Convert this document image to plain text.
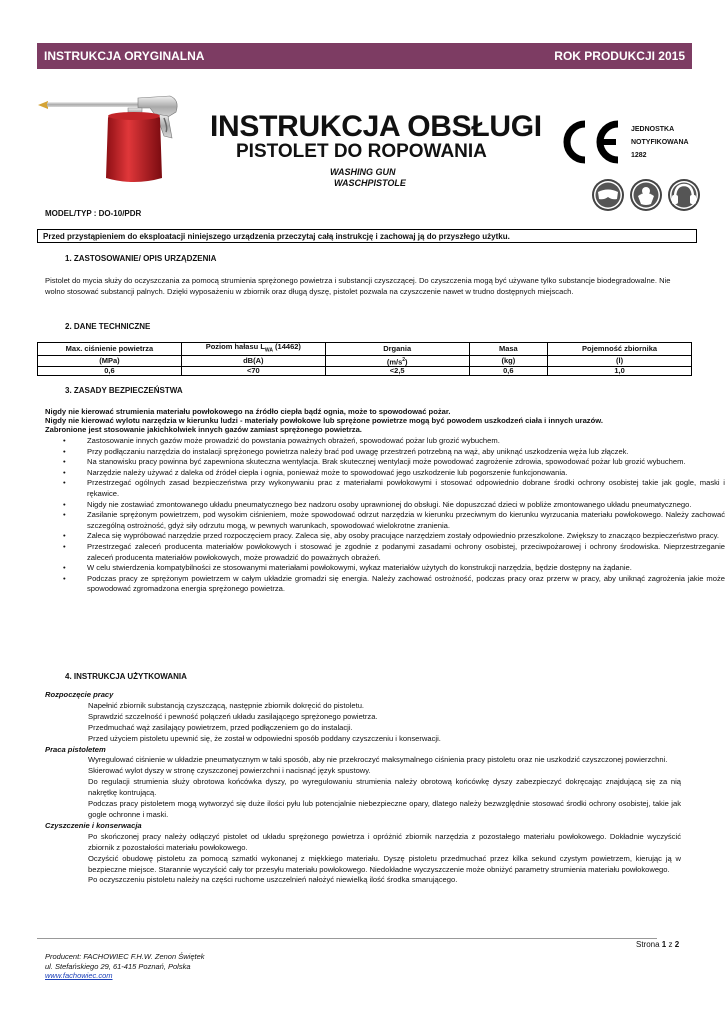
INSTRUKCJA ORYGINALNA	ROK PRODUKCJI 2015
INSTRUKCJA OBSŁUGI
PISTOLET DO ROPOWANIA
WASHING GUN
WASCHPISTOLE
JEDNOSTKA
NOTYFIKOWANA
1282
MODEL/TYP : DO-10/PDR
Przed przystąpieniem do eksploatacji niniejszego urządzenia przeczytaj całą instrukcję i zachowaj ją do przyszłego użytku.
1. ZASTOSOWANIE/ OPIS URZĄDZENIA
Pistolet do mycia służy do oczyszczania za pomocą strumienia sprężonego powietrza i substancji czyszczącej. Do czyszczenia mogą być używane tylko substancje biodegradowalne. Nie wolno stosować substancji palnych. Dzięki wyposażeniu w zbiornik oraz długą dyszę, pistolet pozwala na czyszczenie nawet w trudno dostępnych miejscach.
2. DANE TECHNICZNE
Max. ciśnienie powietrza	Poziom hałasu $L_{WA}$ (14462)	Drgania	Masa	Pojemność zbiornika
(MPa)	dB(A)	$(m/s^2)$	(kg)	(l)
0,6	<70	<2,5	0,6	1,0
3. ZASADY BEZPIECZEŃSTWA
Nigdy nie kierować strumienia materiału powłokowego na źródło ciepła bądź ognia, może to spowodować pożar.
Nigdy nie kierować wylotu narzędzia w kierunku ludzi - materiały powłokowe lub sprężone powietrze mogą być powodem uszkodzeń ciała i innych urazów.
Zabronione jest stosowanie jakichkolwiek innych gazów zamiast sprężonego powietrza.
•	Zastosowanie innych gazów może prowadzić do powstania poważnych obrażeń, spowodować pożar lub grozić wybuchem.
•	Przy podłączaniu narzędzia do instalacji sprężonego powietrza należy brać pod uwagę przestrzeń potrzebną na wąż, aby uniknąć uszkodzenia węża lub złączek.
•	Na stanowisku pracy powinna być zapewniona skuteczna wentylacja. Brak skutecznej wentylacji może powodować zagrożenie zdrowia, spowodować pożar lub grozić wybuchem.
•	Narzędzie należy używać z daleka od źródeł ciepła i ognia, ponieważ może to spowodować jego uszkodzenie lub pogorszenie funkcjonowania.
•	Przestrzegać ogólnych zasad bezpieczeństwa przy wykonywaniu prac z materiałami powłokowymi i stosować odpowiednio dobrane środki ochrony osobistej takie jak gogle, maski i rękawice.
•	Nigdy nie zostawiać zmontowanego układu pneumatycznego bez nadzoru osoby uprawnionej do obsługi. Nie dopuszczać dzieci w pobliże zmontowanego układu pneumatycznego.
•	Zasilanie sprężonym powietrzem, pod wysokim ciśnieniem, może spowodować odrzut narzędzia w kierunku przeciwnym do kierunku wyrzucania materiału powłokowego. Należy zachować szczególną ostrożność, gdyż siły odrzutu mogą, w pewnych warunkach, spowodować wielokrotne zranienia.
•	Zaleca się wypróbować narzędzie przed rozpoczęciem pracy. Zaleca się, aby osoby pracujące narzędziem zostały odpowiednio przeszkolone. Zwiększy to znacząco bezpieczeństwo pracy.
•	Przestrzegać zaleceń producenta materiałów powłokowych i stosować je zgodnie z podanymi zasadami ochrony osobistej, przeciwpożarowej i ochrony środowiska. Nieprzestrzeganie zaleceń producenta materiałów powłokowych, może prowadzić do poważnych obrażeń.
•	W celu stwierdzenia kompatybilności ze stosowanymi materiałami powłokowymi, wykaz materiałów użytych do konstrukcji narzędzia, będzie dostępny na żądanie.
•	Podczas pracy ze sprężonym powietrzem w całym układzie gromadzi się energia. Należy zachować ostrożność, podczas pracy oraz przerw w pracy, aby uniknąć zagrożenia jakie może spowodować zgromadzona energia sprężonego powietrza.
4. INSTRUKCJA UŻYTKOWANIA
Rozpoczęcie pracy
Napełnić zbiornik substancją czyszczącą, następnie zbiornik dokręcić do pistoletu.
Sprawdzić szczelność i pewność połączeń układu zasilającego sprężonego powietrza.
Przedmuchać wąż zasilający powietrzem, przed podłączeniem go do instalacji.
Przed użyciem pistoletu upewnić się, że został w odpowiedni sposób poddany czyszczeniu i konserwacji.
Praca pistoletem
Wyregulować ciśnienie w układzie pneumatycznym w taki sposób, aby nie przekroczyć maksymalnego ciśnienia pracy pistoletu oraz nie uszkodzić czyszczonej powierzchni.
Skierować wylot dyszy w stronę czyszczonej powierzchni i nacisnąć język spustowy.
Do regulacji strumienia służy obrotowa końcówka dyszy, po wyregulowaniu strumienia należy obrotową końcówkę dyszy zabezpieczyć dokręcając znajdującą się za nią nakrętkę kontrującą.
Podczas pracy pistoletem mogą wytworzyć się duże ilości pyłu lub potencjalnie niebezpieczne opary, dlatego należy bezwzględnie stosować środki ochrony osobistej, takie jak gogle ochronne i maski.
Czyszczenie i konserwacja
Po skończonej pracy należy odłączyć pistolet od układu sprężonego powietrza i opróżnić zbiornik narzędzia z pozostałego materiału powłokowego. Dokładnie wyczyścić zbiornik z pozostałości materiału powłokowego.
Oczyścić obudowę pistoletu za pomocą szmatki wykonanej z miękkiego materiału. Dyszę pistoletu przedmuchać przez kilka sekund czystym powietrzem, kierując ją w bezpieczne miejsce. Starannie wyczyścić cały tor przesyłu materiału powłokowego. Niedokładne wyczyszczenie może obniżyć parametry strumienia materiału powłokowego.
Po oczyszczeniu pistoletu należy na części ruchome uszczelnień nałożyć niewielką ilość środka smarującego.
Strona 1 z 2
Producent: FACHOWIEC F.H.W. Zenon Świętek
ul. Stefańskiego 29, 61-415 Poznań, Polska
www.fachowiec.com
